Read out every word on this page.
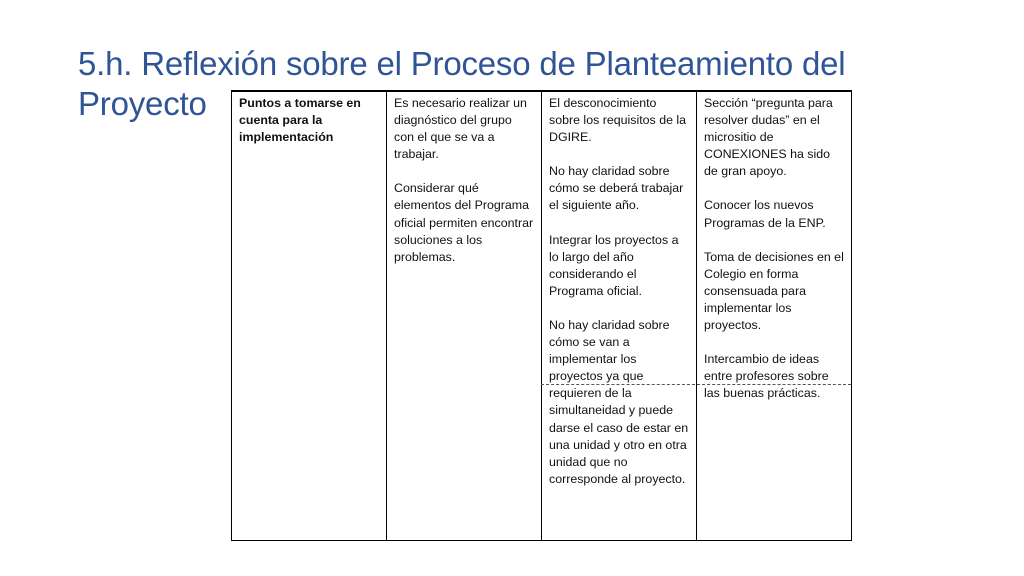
5.h. Reflexión sobre el Proceso de Planteamiento del Proyecto	Puntos a tomarse en cuenta para la implementación

Es necesario realizar un diagnóstico del grupo con el que se va a trabajar.

Considerar qué elementos del Programa oficial permiten encontrar soluciones a los problemas.

El desconocimiento sobre los requisitos de la DGIRE.

No hay claridad sobre cómo se deberá trabajar el siguiente año.

Integrar los proyectos a lo largo del año considerando el Programa oficial.

No hay claridad sobre cómo se van a implementar los proyectos ya que requieren de la simultaneidad y puede darse el caso de estar en una unidad y otro en otra unidad que no corresponde al proyecto.

Sección “pregunta para resolver dudas” en el micrositio de CONEXIONES ha sido de gran apoyo.

Conocer los nuevos Programas de la ENP.

Toma de decisiones en el Colegio en forma consensuada para implementar los proyectos.

Intercambio de ideas entre profesores sobre las buenas prácticas.
